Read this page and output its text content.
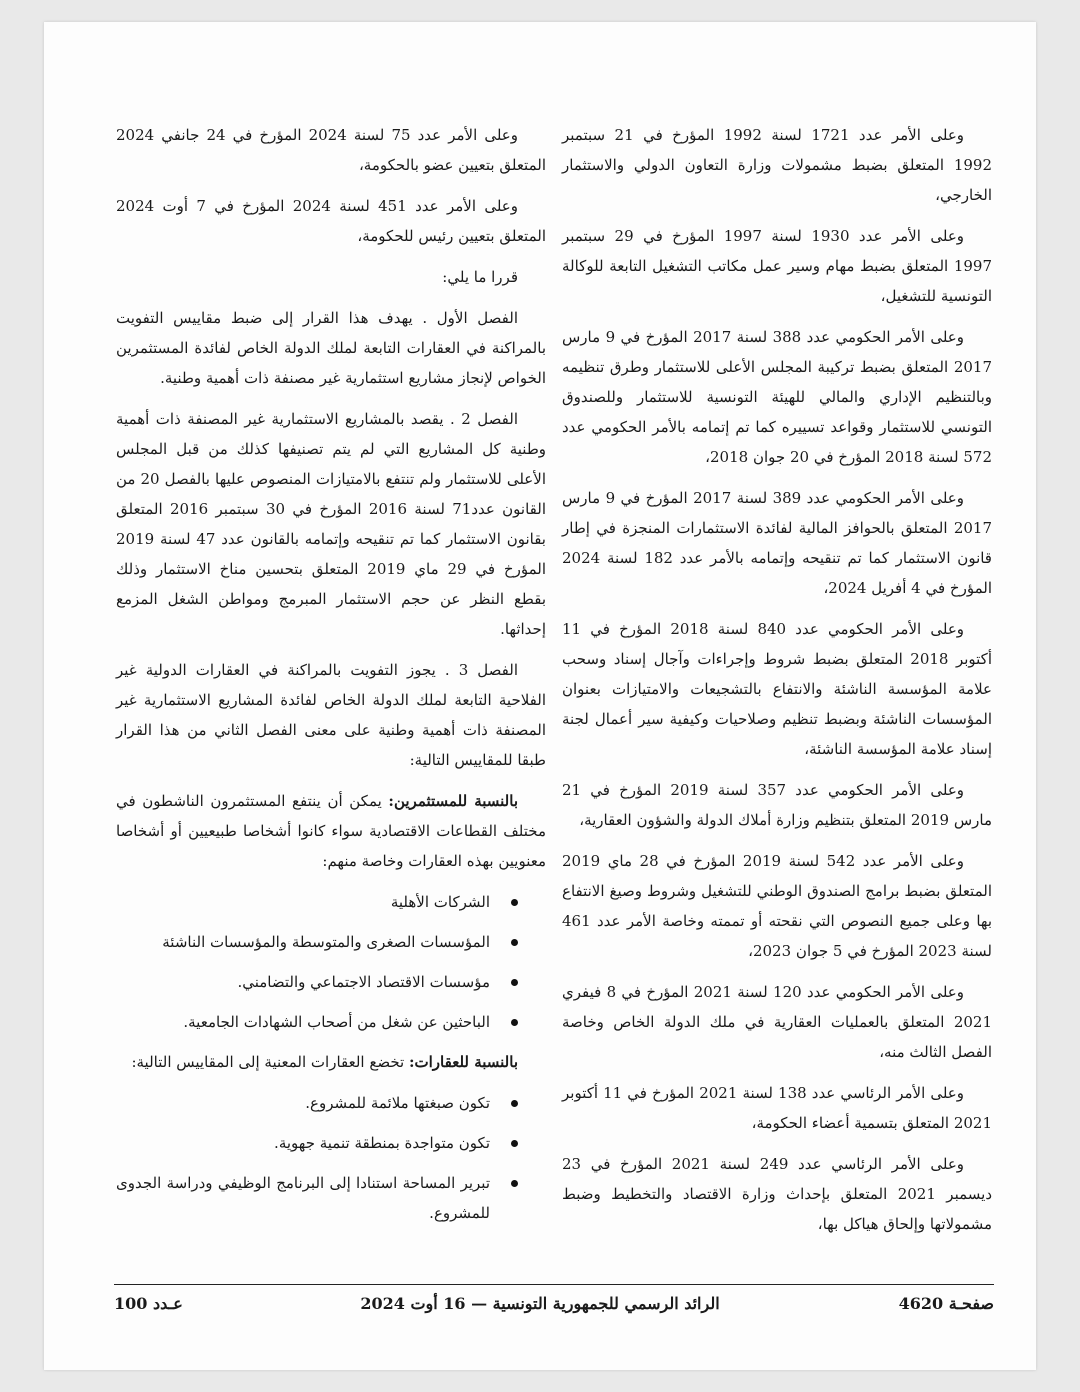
وعلى الأمر عدد 1721 لسنة 1992 المؤرخ في 21 سبتمبر 1992 المتعلق بضبط مشمولات وزارة التعاون الدولي والاستثمار الخارجي،

وعلى الأمر عدد 1930 لسنة 1997 المؤرخ في 29 سبتمبر 1997 المتعلق بضبط مهام وسير عمل مكاتب التشغيل التابعة للوكالة التونسية للتشغيل،

وعلى الأمر الحكومي عدد 388 لسنة 2017 المؤرخ في 9 مارس 2017 المتعلق بضبط تركيبة المجلس الأعلى للاستثمار وطرق تنظيمه وبالتنظيم الإداري والمالي للهيئة التونسية للاستثمار وللصندوق التونسي للاستثمار وقواعد تسييره كما تم إتمامه بالأمر الحكومي عدد 572 لسنة 2018 المؤرخ في 20 جوان 2018،

وعلى الأمر الحكومي عدد 389 لسنة 2017 المؤرخ في 9 مارس 2017 المتعلق بالحوافز المالية لفائدة الاستثمارات المنجزة في إطار قانون الاستثمار كما تم تنقيحه وإتمامه بالأمر عدد 182 لسنة 2024 المؤرخ في 4 أفريل 2024،

وعلى الأمر الحكومي عدد 840 لسنة 2018 المؤرخ في 11 أكتوبر 2018 المتعلق بضبط شروط وإجراءات وآجال إسناد وسحب علامة المؤسسة الناشئة والانتفاع بالتشجيعات والامتيازات بعنوان المؤسسات الناشئة وبضبط تنظيم وصلاحيات وكيفية سير أعمال لجنة إسناد علامة المؤسسة الناشئة،

وعلى الأمر الحكومي عدد 357 لسنة 2019 المؤرخ في 21 مارس 2019 المتعلق بتنظيم وزارة أملاك الدولة والشؤون العقارية،

وعلى الأمر عدد 542 لسنة 2019 المؤرخ في 28 ماي 2019 المتعلق بضبط برامج الصندوق الوطني للتشغيل وشروط وصيغ الانتفاع بها وعلى جميع النصوص التي نقحته أو تممته وخاصة الأمر عدد 461 لسنة 2023 المؤرخ في 5 جوان 2023،

وعلى الأمر الحكومي عدد 120 لسنة 2021 المؤرخ في 8 فيفري 2021 المتعلق بالعمليات العقارية في ملك الدولة الخاص وخاصة الفصل الثالث منه،

وعلى الأمر الرئاسي عدد 138 لسنة 2021 المؤرخ في 11 أكتوبر 2021 المتعلق بتسمية أعضاء الحكومة،

وعلى الأمر الرئاسي عدد 249 لسنة 2021 المؤرخ في 23 ديسمبر 2021 المتعلق بإحداث وزارة الاقتصاد والتخطيط وضبط مشمولاتها وإلحاق هياكل بها،

وعلى الأمر عدد 75 لسنة 2024 المؤرخ في 24 جانفي 2024 المتعلق بتعيين عضو بالحكومة،

وعلى الأمر عدد 451 لسنة 2024 المؤرخ في 7 أوت 2024 المتعلق بتعيين رئيس للحكومة،

قررا ما يلي:

الفصل الأول . يهدف هذا القرار إلى ضبط مقاييس التفويت بالمراكنة في العقارات التابعة لملك الدولة الخاص لفائدة المستثمرين الخواص لإنجاز مشاريع استثمارية غير مصنفة ذات أهمية وطنية.

الفصل 2 . يقصد بالمشاريع الاستثمارية غير المصنفة ذات أهمية وطنية كل المشاريع التي لم يتم تصنيفها كذلك من قبل المجلس الأعلى للاستثمار ولم تنتفع بالامتيازات المنصوص عليها بالفصل 20 من القانون عدد71 لسنة 2016 المؤرخ في 30 سبتمبر 2016 المتعلق بقانون الاستثمار كما تم تنقيحه وإتمامه بالقانون عدد 47 لسنة 2019 المؤرخ في 29 ماي 2019 المتعلق بتحسين مناخ الاستثمار وذلك بقطع النظر عن حجم الاستثمار المبرمج ومواطن الشغل المزمع إحداثها.

الفصل 3 . يجوز التفويت بالمراكنة في العقارات الدولية غير الفلاحية التابعة لملك الدولة الخاص لفائدة المشاريع الاستثمارية غير المصنفة ذات أهمية وطنية على معنى الفصل الثاني من هذا القرار طبقا للمقاييس التالية:

بالنسبة للمستثمرين: يمكن أن ينتفع المستثمرون الناشطون في مختلف القطاعات الاقتصادية سواء كانوا أشخاصا طبيعيين أو أشخاصا معنويين بهذه العقارات وخاصة منهم:

الشركات الأهلية
المؤسسات الصغرى والمتوسطة والمؤسسات الناشئة
مؤسسات الاقتصاد الاجتماعي والتضامني.
الباحثين عن شغل من أصحاب الشهادات الجامعية.

بالنسبة للعقارات: تخضع العقارات المعنية إلى المقاييس التالية:

تكون صبغتها ملائمة للمشروع.
تكون متواجدة بمنطقة تنمية جهوية.
تبرير المساحة استنادا إلى البرنامج الوظيفي ودراسة الجدوى للمشروع.
صفحـة 4620
الرائد الرسمي للجمهورية التونسية — 16 أوت 2024
عـدد 100
